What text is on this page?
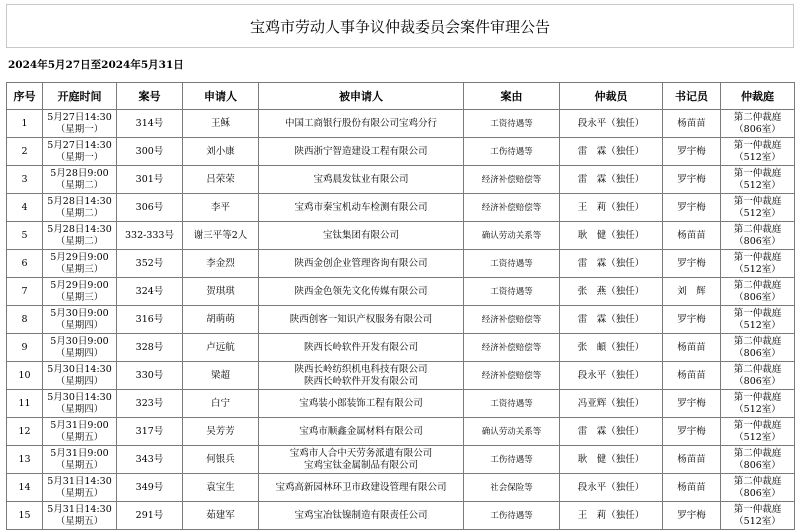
宝鸡市劳动人事争议仲裁委员会案件审理公告
2024年5月27日至2024年5月31日
序号	开庭时间	案号	申请人	被申请人	案由	仲裁员	书记员	仲裁庭

1	5月27日14:30
（星期一）	314号	王稣	中国工商银行股份有限公司宝鸡分行	工资待遇等	段永平（独任）	杨苗苗	第二仲裁庭
（806室）

2	5月27日14:30
（星期一）	300号	刘小康	陕西浙宁智造建设工程有限公司	工伤待遇等	雷　霖（独任）	罗宇梅	第一仲裁庭
（512室）

3	5月28日9:00
（星期二）	301号	吕荣荣	宝鸡晨发钛业有限公司	经济补偿赔偿等	雷　霖（独任）	罗宇梅	第一仲裁庭
（512室）

4	5月28日14:30
（星期二）	306号	李平	宝鸡市秦宝机动车检测有限公司	经济补偿赔偿等	王　莉（独任）	罗宇梅	第一仲裁庭
（512室）

5	5月28日14:30
（星期二）	332-333号	谢三平等2人	宝钛集团有限公司	确认劳动关系等	耿　健（独任）	杨苗苗	第二仲裁庭
（806室）

6	5月29日9:00
（星期三）	352号	李金烈	陕西金创企业管理咨询有限公司	工资待遇等	雷　霖（独任）	罗宇梅	第一仲裁庭
（512室）

7	5月29日9:00
（星期三）	324号	贺琪琪	陕西金色领先文化传媒有限公司	工资待遇等	张　燕（独任）	刘　辉	第二仲裁庭
（806室）

8	5月30日9:00
（星期四）	316号	胡萌萌	陕西创客一知识产权服务有限公司	经济补偿赔偿等	雷　霖（独任）	罗宇梅	第一仲裁庭
（512室）

9	5月30日9:00
（星期四）	328号	卢远航	陕西长岭软件开发有限公司	经济补偿赔偿等	张　頔（独任）	杨苗苗	第二仲裁庭
（806室）

10	5月30日14:30
（星期四）	330号	梁超	陕西长岭纺织机电科技有限公司
陕西长岭软件开发有限公司	经济补偿赔偿等	段永平（独任）	杨苗苗	第二仲裁庭
（806室）

11	5月30日14:30
（星期四）	323号	白宁	宝鸡装小郎装饰工程有限公司	工资待遇等	冯亚辉（独任）	罗宇梅	第一仲裁庭
（512室）

12	5月31日9:00
（星期五）	317号	吴芳芳	宝鸡市顺鑫金属材料有限公司	确认劳动关系等	雷　霖（独任）	罗宇梅	第一仲裁庭
（512室）

13	5月31日9:00
（星期五）	343号	何银兵	宝鸡市人合中天劳务派遣有限公司
宝鸡宝钛金属制品有限公司	工伤待遇等	耿　健（独任）	杨苗苗	第二仲裁庭
（806室）

14	5月31日14:30
（星期五）	349号	袁宝生	宝鸡高新园林环卫市政建设管理有限公司	社会保险等	段永平（独任）	杨苗苗	第二仲裁庭
（806室）

15	5月31日14:30
（星期五）	291号	茹建军	宝鸡宝冶钛镍制造有限责任公司	工伤待遇等	王　莉（独任）	罗宇梅	第一仲裁庭
（512室）
